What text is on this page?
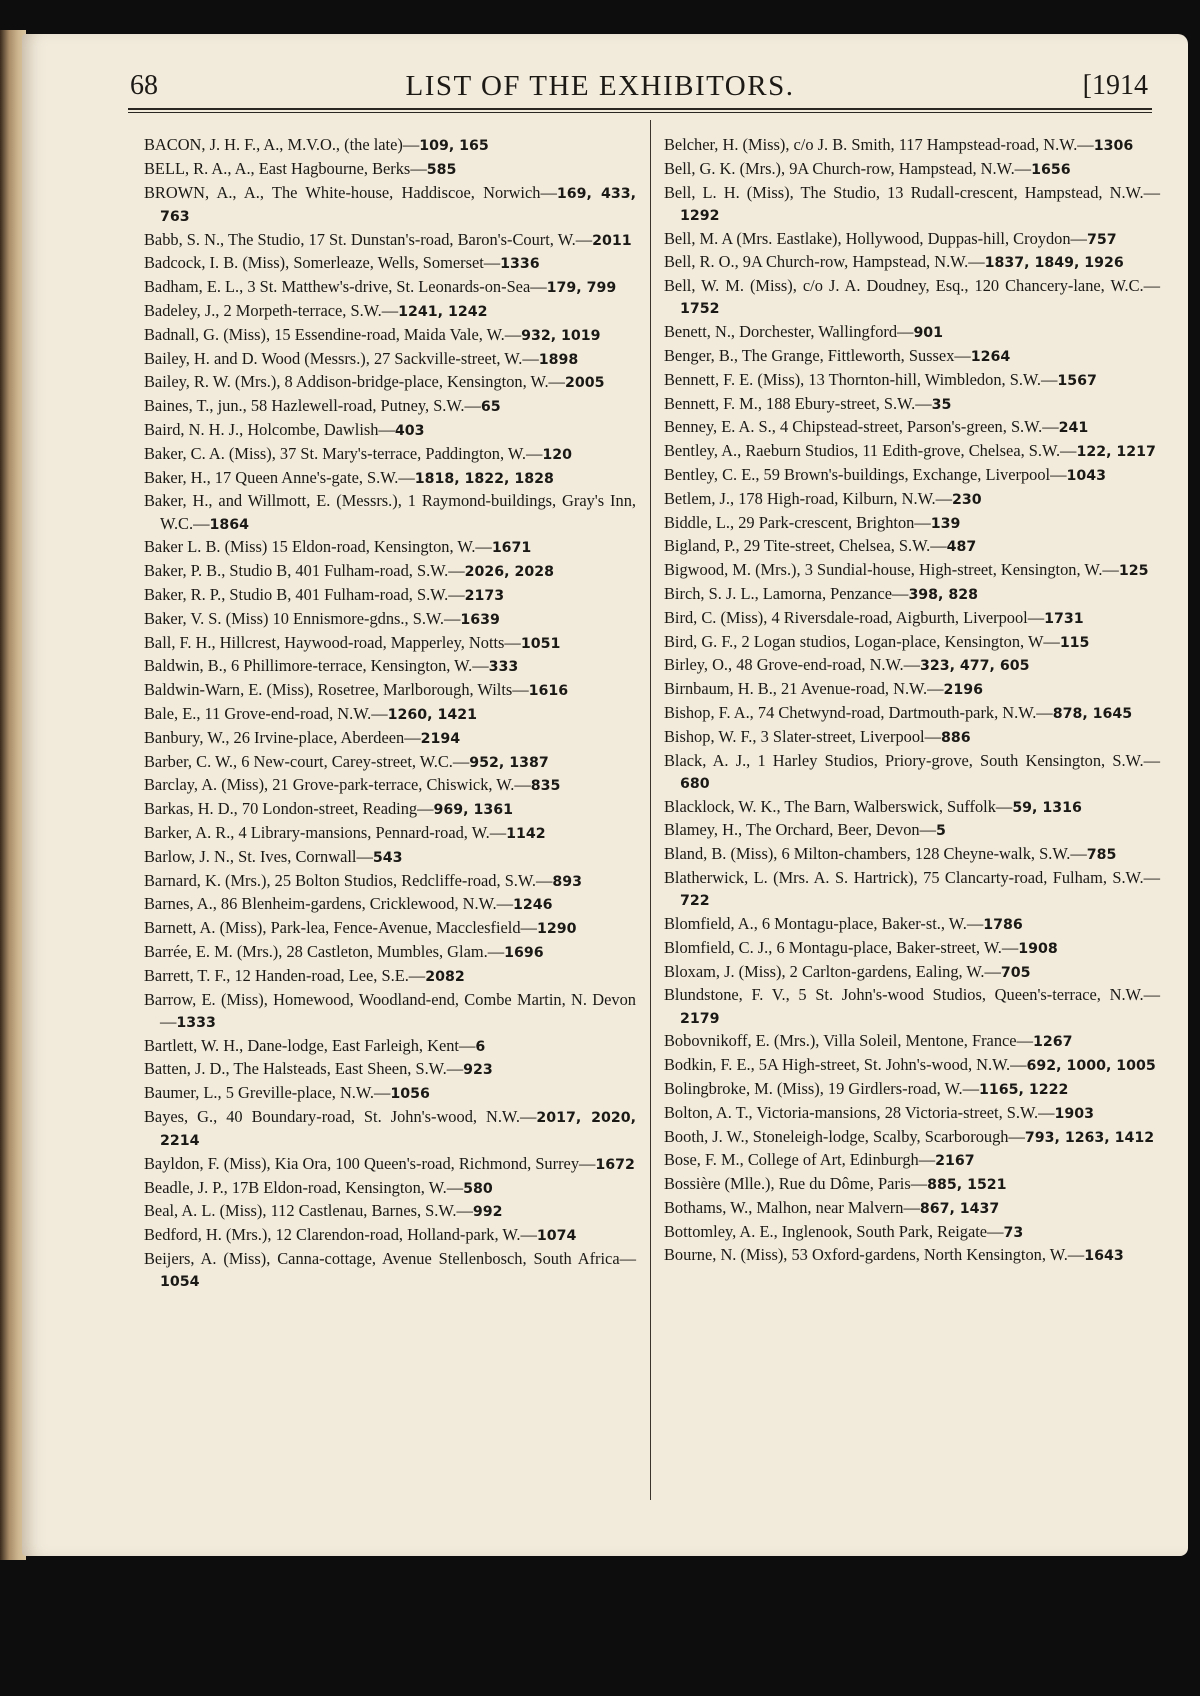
68	LIST OF THE EXHIBITORS.	[1914
BACON, J. H. F., A., M.V.O., (the late)—109, 165
BELL, R. A., A., East Hagbourne, Berks—585
BROWN, A., A., The White-house, Haddiscoe, Norwich—169, 433, 763
Babb, S. N., The Studio, 17 St. Dunstan's-road, Baron's-Court, W.—2011
Badcock, I. B. (Miss), Somerleaze, Wells, Somerset—1336
Badham, E. L., 3 St. Matthew's-drive, St. Leonards-on-Sea—179, 799
Badeley, J., 2 Morpeth-terrace, S.W.—1241, 1242
Badnall, G. (Miss), 15 Essendine-road, Maida Vale, W.—932, 1019
Bailey, H. and D. Wood (Messrs.), 27 Sackville-street, W.—1898
Bailey, R. W. (Mrs.), 8 Addison-bridge-place, Kensington, W.—2005
Baines, T., jun., 58 Hazlewell-road, Putney, S.W.—65
Baird, N. H. J., Holcombe, Dawlish—403
Baker, C. A. (Miss), 37 St. Mary's-terrace, Paddington, W.—120
Baker, H., 17 Queen Anne's-gate, S.W.—1818, 1822, 1828
Baker, H., and Willmott, E. (Messrs.), 1 Raymond-buildings, Gray's Inn, W.C.—1864
Baker L. B. (Miss) 15 Eldon-road, Kensington, W.—1671
Baker, P. B., Studio B, 401 Fulham-road, S.W.—2026, 2028
Baker, R. P., Studio B, 401 Fulham-road, S.W.—2173
Baker, V. S. (Miss) 10 Ennismore-gdns., S.W.—1639
Ball, F. H., Hillcrest, Haywood-road, Mapperley, Notts—1051
Baldwin, B., 6 Phillimore-terrace, Kensington, W.—333
Baldwin-Warn, E. (Miss), Rosetree, Marlborough, Wilts—1616
Bale, E., 11 Grove-end-road, N.W.—1260, 1421
Banbury, W., 26 Irvine-place, Aberdeen—2194
Barber, C. W., 6 New-court, Carey-street, W.C.—952, 1387
Barclay, A. (Miss), 21 Grove-park-terrace, Chiswick, W.—835
Barkas, H. D., 70 London-street, Reading—969, 1361
Barker, A. R., 4 Library-mansions, Pennard-road, W.—1142
Barlow, J. N., St. Ives, Cornwall—543
Barnard, K. (Mrs.), 25 Bolton Studios, Redcliffe-road, S.W.—893
Barnes, A., 86 Blenheim-gardens, Cricklewood, N.W.—1246
Barnett, A. (Miss), Park-lea, Fence-Avenue, Macclesfield—1290
Barrée, E. M. (Mrs.), 28 Castleton, Mumbles, Glam.—1696
Barrett, T. F., 12 Handen-road, Lee, S.E.—2082
Barrow, E. (Miss), Homewood, Woodland-end, Combe Martin, N. Devon—1333
Bartlett, W. H., Dane-lodge, East Farleigh, Kent—6
Batten, J. D., The Halsteads, East Sheen, S.W.—923
Baumer, L., 5 Greville-place, N.W.—1056
Bayes, G., 40 Boundary-road, St. John's-wood, N.W.—2017, 2020, 2214
Bayldon, F. (Miss), Kia Ora, 100 Queen's-road, Richmond, Surrey—1672
Beadle, J. P., 17B Eldon-road, Kensington, W.—580
Beal, A. L. (Miss), 112 Castlenau, Barnes, S.W.—992
Bedford, H. (Mrs.), 12 Clarendon-road, Holland-park, W.—1074
Beijers, A. (Miss), Canna-cottage, Avenue Stellenbosch, South Africa—1054
Belcher, H. (Miss), c/o J. B. Smith, 117 Hampstead-road, N.W.—1306
Bell, G. K. (Mrs.), 9A Church-row, Hampstead, N.W.—1656
Bell, L. H. (Miss), The Studio, 13 Rudall-crescent, Hampstead, N.W.—1292
Bell, M. A (Mrs. Eastlake), Hollywood, Duppas-hill, Croydon—757
Bell, R. O., 9A Church-row, Hampstead, N.W.—1837, 1849, 1926
Bell, W. M. (Miss), c/o J. A. Doudney, Esq., 120 Chancery-lane, W.C.—1752
Benett, N., Dorchester, Wallingford—901
Benger, B., The Grange, Fittleworth, Sussex—1264
Bennett, F. E. (Miss), 13 Thornton-hill, Wimbledon, S.W.—1567
Bennett, F. M., 188 Ebury-street, S.W.—35
Benney, E. A. S., 4 Chipstead-street, Parson's-green, S.W.—241
Bentley, A., Raeburn Studios, 11 Edith-grove, Chelsea, S.W.—122, 1217
Bentley, C. E., 59 Brown's-buildings, Exchange, Liverpool—1043
Betlem, J., 178 High-road, Kilburn, N.W.—230
Biddle, L., 29 Park-crescent, Brighton—139
Bigland, P., 29 Tite-street, Chelsea, S.W.—487
Bigwood, M. (Mrs.), 3 Sundial-house, High-street, Kensington, W.—125
Birch, S. J. L., Lamorna, Penzance—398, 828
Bird, C. (Miss), 4 Riversdale-road, Aigburth, Liverpool—1731
Bird, G. F., 2 Logan studios, Logan-place, Kensington, W—115
Birley, O., 48 Grove-end-road, N.W.—323, 477, 605
Birnbaum, H. B., 21 Avenue-road, N.W.—2196
Bishop, F. A., 74 Chetwynd-road, Dartmouth-park, N.W.—878, 1645
Bishop, W. F., 3 Slater-street, Liverpool—886
Black, A. J., 1 Harley Studios, Priory-grove, South Kensington, S.W.—680
Blacklock, W. K., The Barn, Walberswick, Suffolk—59, 1316
Blamey, H., The Orchard, Beer, Devon—5
Bland, B. (Miss), 6 Milton-chambers, 128 Cheyne-walk, S.W.—785
Blatherwick, L. (Mrs. A. S. Hartrick), 75 Clancarty-road, Fulham, S.W.—722
Blomfield, A., 6 Montagu-place, Baker-st., W.—1786
Blomfield, C. J., 6 Montagu-place, Baker-street, W.—1908
Bloxam, J. (Miss), 2 Carlton-gardens, Ealing, W.—705
Blundstone, F. V., 5 St. John's-wood Studios, Queen's-terrace, N.W.—2179
Bobovnikoff, E. (Mrs.), Villa Soleil, Mentone, France—1267
Bodkin, F. E., 5A High-street, St. John's-wood, N.W.—692, 1000, 1005
Bolingbroke, M. (Miss), 19 Girdlers-road, W.—1165, 1222
Bolton, A. T., Victoria-mansions, 28 Victoria-street, S.W.—1903
Booth, J. W., Stoneleigh-lodge, Scalby, Scarborough—793, 1263, 1412
Bose, F. M., College of Art, Edinburgh—2167
Bossière (Mlle.), Rue du Dôme, Paris—885, 1521
Bothams, W., Malhon, near Malvern—867, 1437
Bottomley, A. E., Inglenook, South Park, Reigate—73
Bourne, N. (Miss), 53 Oxford-gardens, North Kensington, W.—1643
